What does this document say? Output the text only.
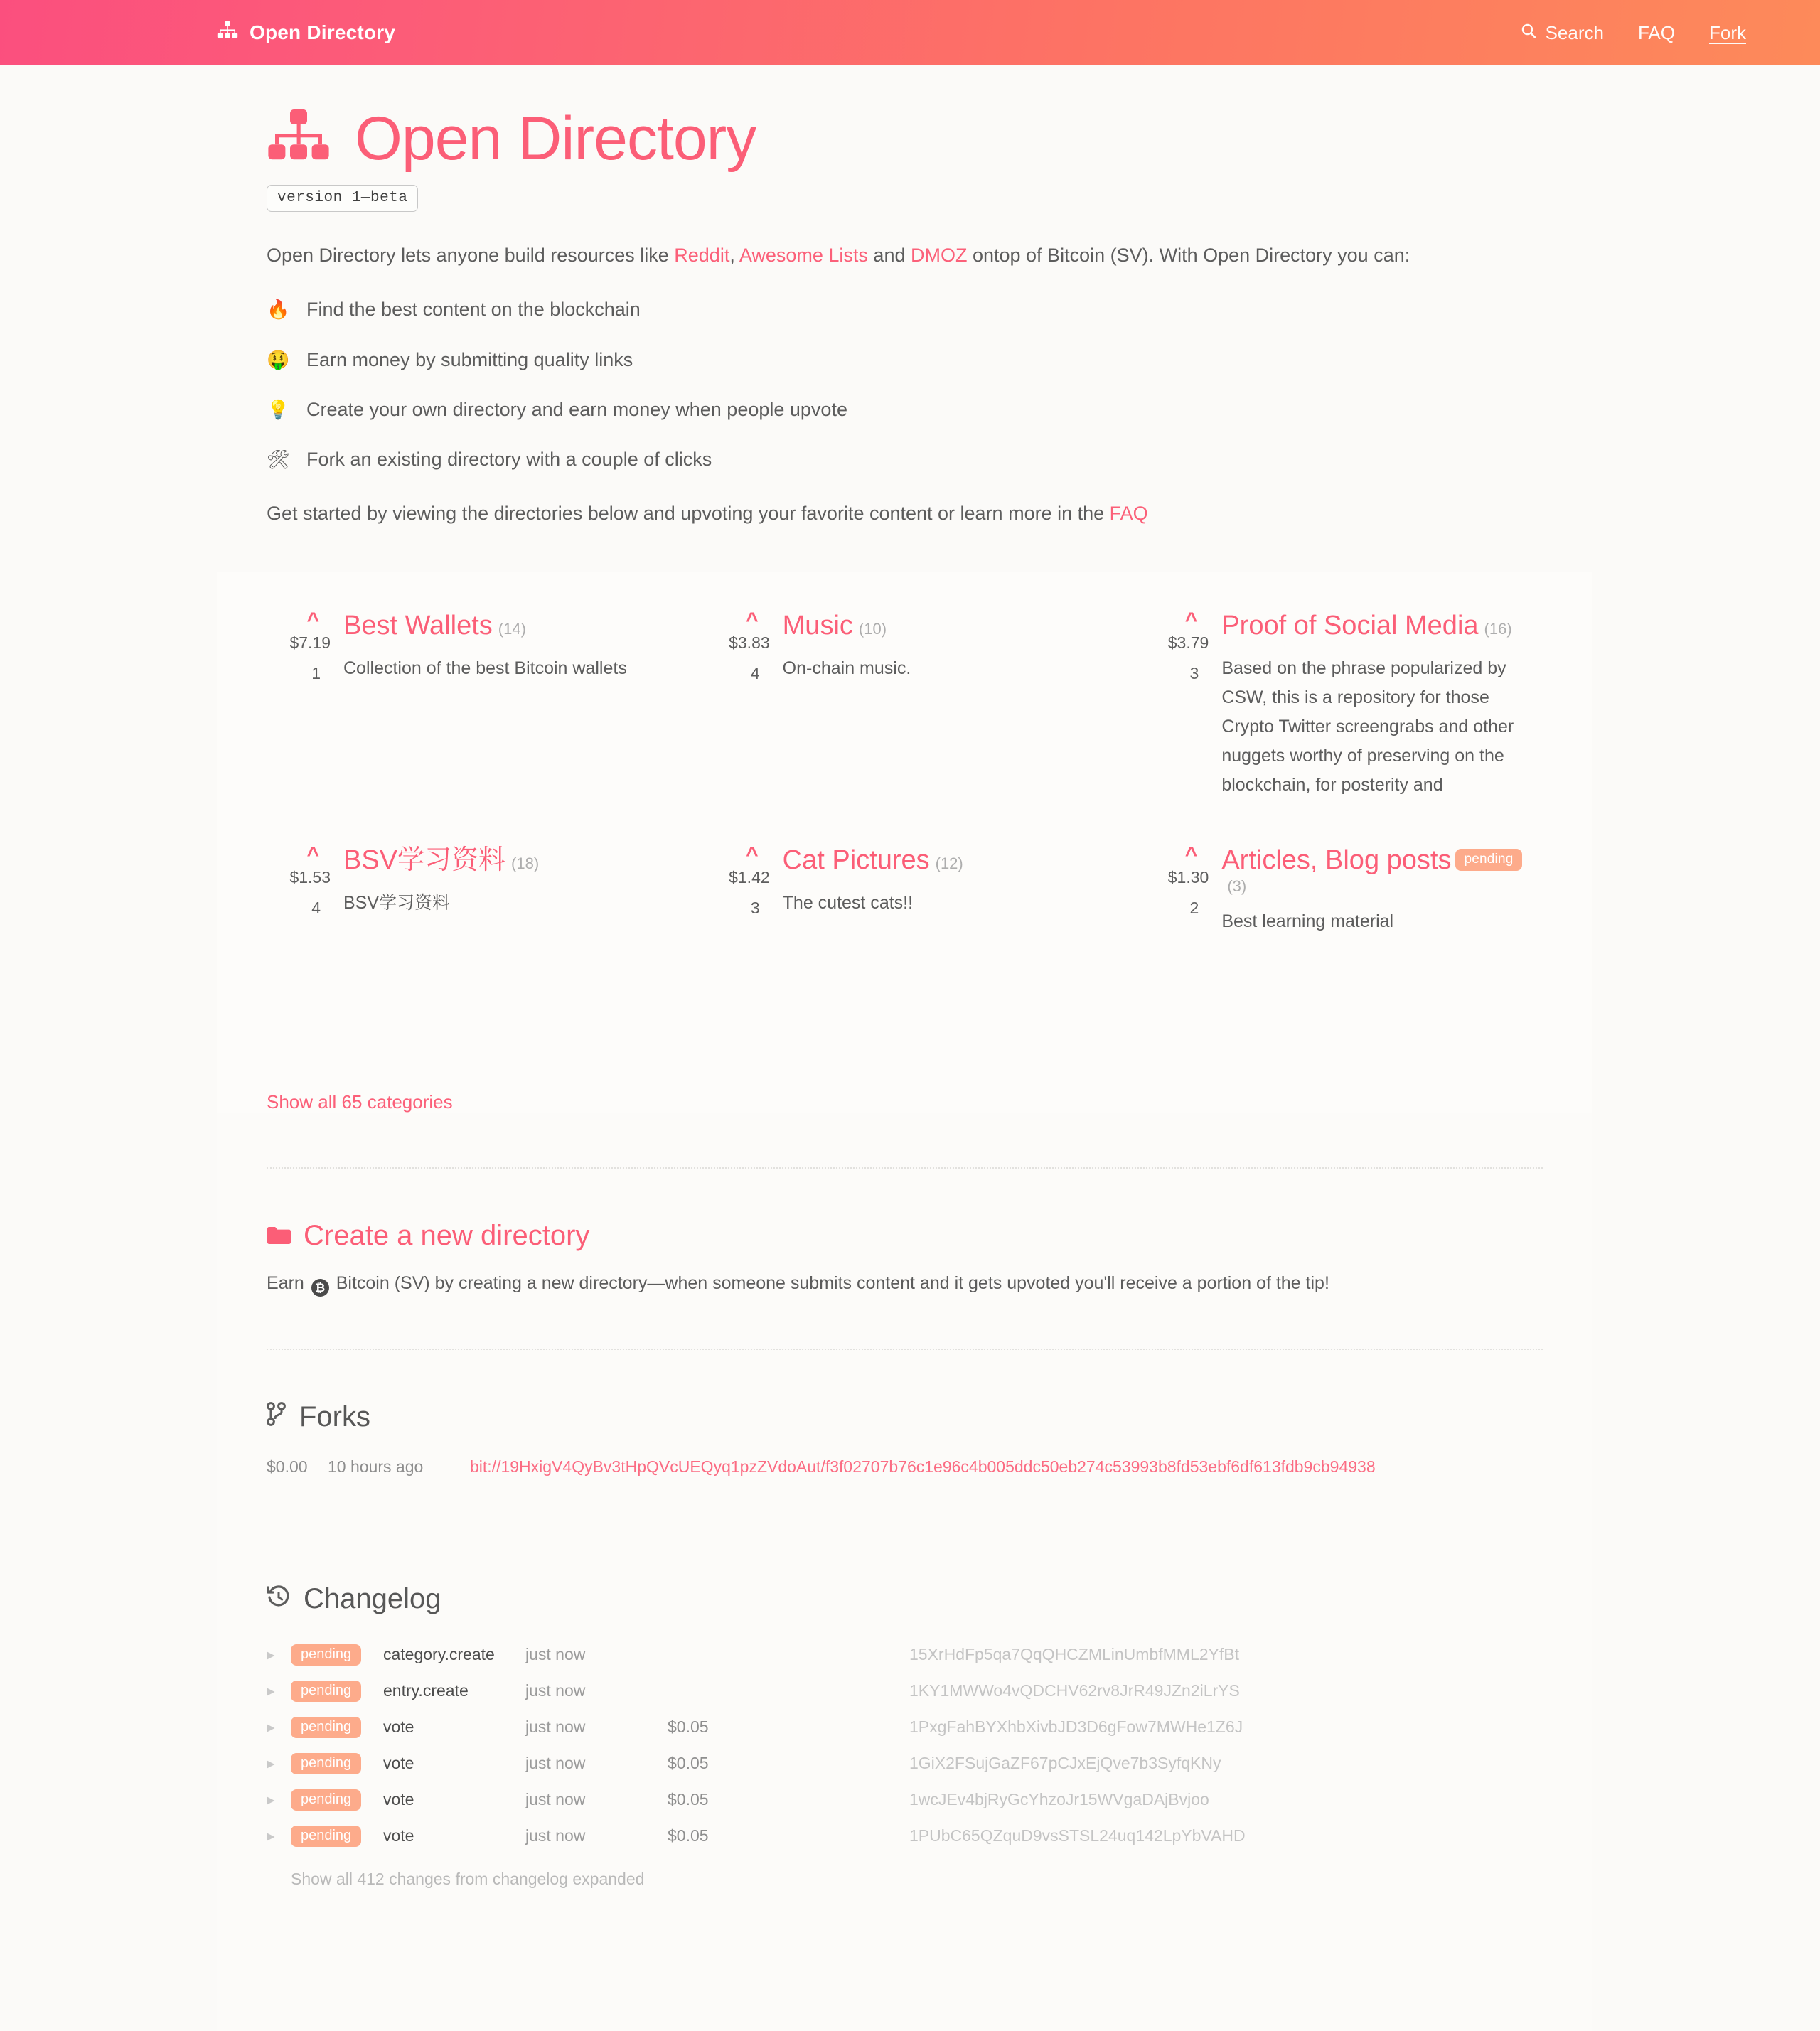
Open Directory	Search FAQ Fork
Open Directory
version 1—beta

Open Directory lets anyone build resources like Reddit, Awesome Lists and DMOZ ontop of Bitcoin (SV). With Open Directory you can:

🔥 Find the best content on the blockchain
🤑 Earn money by submitting quality links
💡 Create your own directory and earn money when people upvote
🛠 Fork an existing directory with a couple of clicks

Get started by viewing the directories below and upvoting your favorite content or learn more in the FAQ

^
$7.19
1
Best Wallets (14)
Collection of the best Bitcoin wallets
^
$3.83
4
Music (10)
On-chain music.
^
$3.79
3
Proof of Social Media (16)
Based on the phrase popularized by CSW, this is a repository for those Crypto Twitter screengrabs and other nuggets worthy of preserving on the blockchain, for posterity and
^
$1.53
4
BSV学习资料 (18)
BSV学习资料
^
$1.42
3
Cat Pictures (12)
The cutest cats!!
^
$1.30
2
Articles, Blog posts pending(3)
Best learning material
Show all 65 categories
Create a new directory

Earn ₿ Bitcoin (SV) by creating a new directory—when someone submits content and it gets upvoted you'll receive a portion of the tip!

Forks
$0.00	10 hours ago	bit://19HxigV4QyBv3tHpQVcUEQyq1pzZVdoAut/f3f02707b76c1e96c4b005ddc50eb274c53993b8fd53ebf6df613fdb9cb94938
Changelog
▸	pending	category.create	just now		15XrHdFp5qa7QqQHCZMLinUmbfMML2YfBt
▸	pending	entry.create	just now		1KY1MWWo4vQDCHV62rv8JrR49JZn2iLrYS
▸	pending	vote	just now	$0.05	1PxgFahBYXhbXivbJD3D6gFow7MWHe1Z6J
▸	pending	vote	just now	$0.05	1GiX2FSujGaZF67pCJxEjQve7b3SyfqKNy
▸	pending	vote	just now	$0.05	1wcJEv4bjRyGcYhzoJr15WVgaDAjBvjoo
▸	pending	vote	just now	$0.05	1PUbC65QZquD9vsSTSL24uq142LpYbVAHD
Show all 412 changes from changelog expanded
